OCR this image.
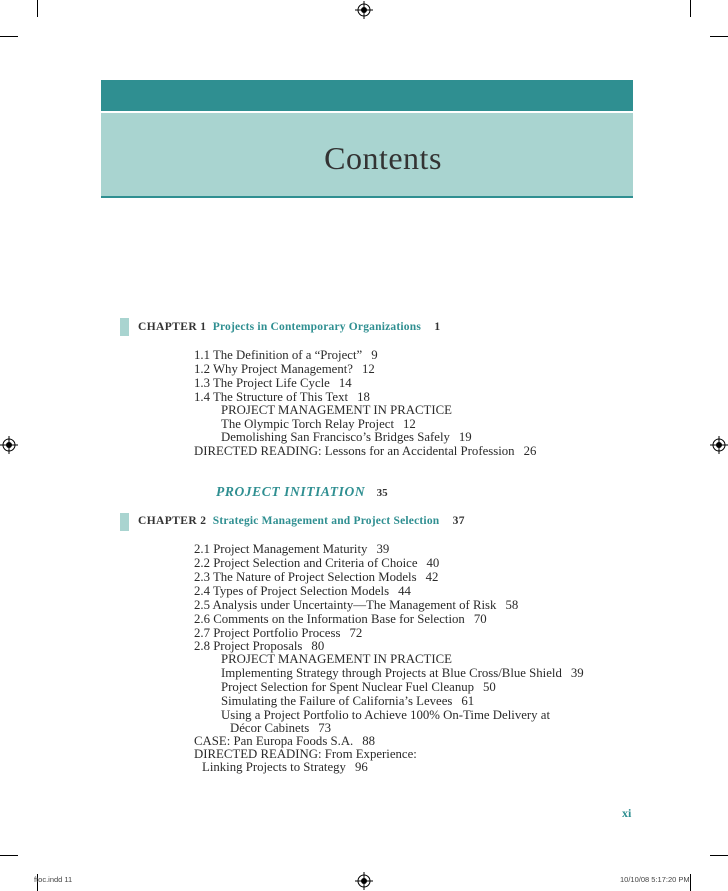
Contents
CHAPTER 1 Projects in Contemporary Organizations 1
1.1 The Definition of a “Project” 9
1.2 Why Project Management? 12
1.3 The Project Life Cycle 14
1.4 The Structure of This Text 18
PROJECT MANAGEMENT IN PRACTICE
The Olympic Torch Relay Project 12
Demolishing San Francisco’s Bridges Safely 19
DIRECTED READING: Lessons for an Accidental Profession 26
PROJECT INITIATION 35
CHAPTER 2 Strategic Management and Project Selection 37
2.1 Project Management Maturity 39
2.2 Project Selection and Criteria of Choice 40
2.3 The Nature of Project Selection Models 42
2.4 Types of Project Selection Models 44
2.5 Analysis under Uncertainty—The Management of Risk 58
2.6 Comments on the Information Base for Selection 70
2.7 Project Portfolio Process 72
2.8 Project Proposals 80
PROJECT MANAGEMENT IN PRACTICE
Implementing Strategy through Projects at Blue Cross/Blue Shield 39
Project Selection for Spent Nuclear Fuel Cleanup 50
Simulating the Failure of California’s Levees 61
Using a Project Portfolio to Achieve 100% On-Time Delivery at
Décor Cabinets 73
CASE: Pan Europa Foods S.A. 88
DIRECTED READING: From Experience:
Linking Projects to Strategy 96
xi
ftoc.indd 11	10/10/08 5:17:20 PM
